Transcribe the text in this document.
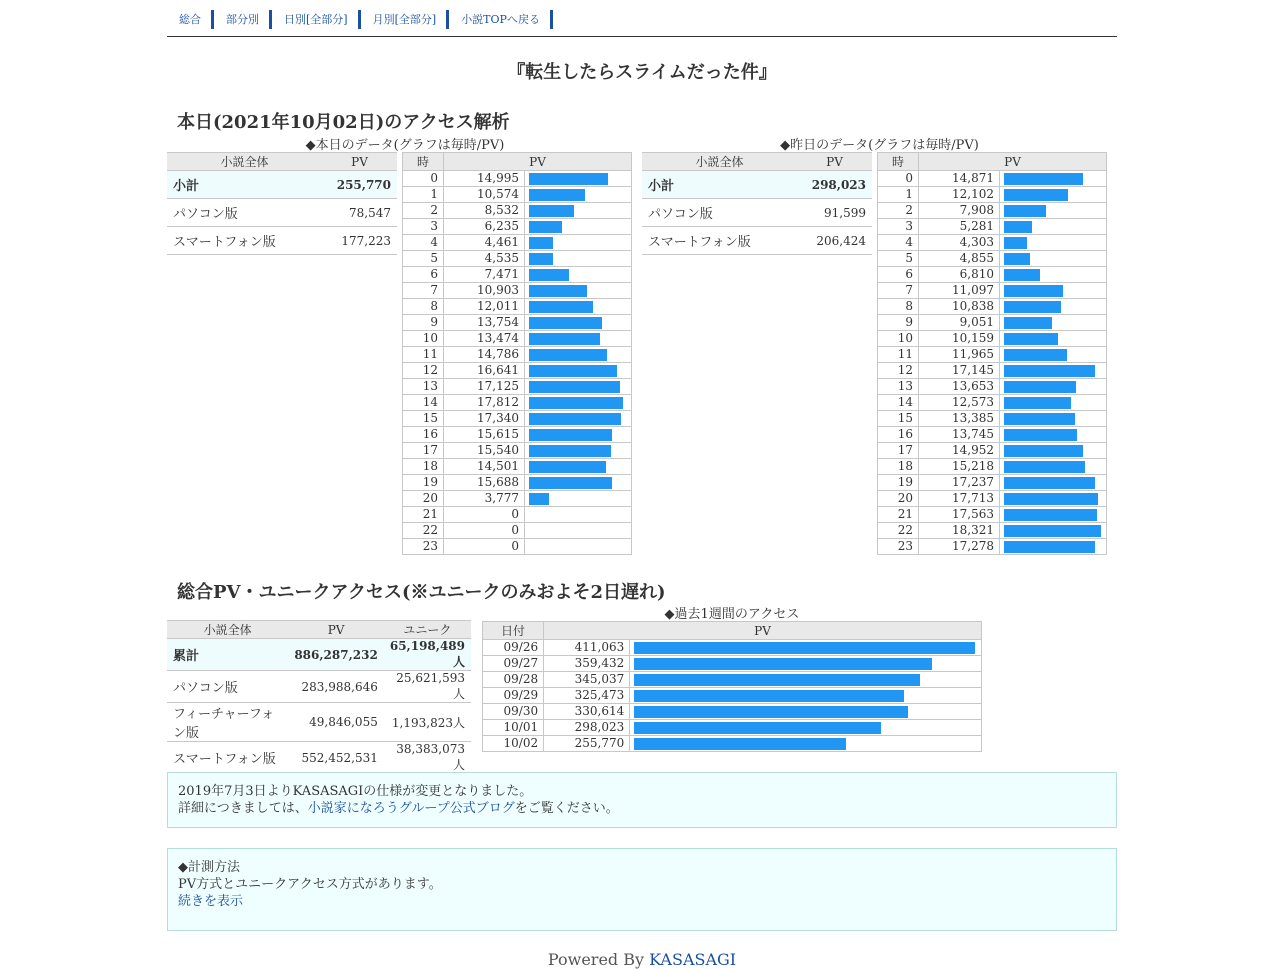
総合	部分別	日別[全部分]	月別[全部分]	小説TOPへ戻る
『転生したらスライムだった件』
本日(2021年10月02日)のアクセス解析
◆本日のデータ(グラフは毎時/PV)	◆昨日のデータ(グラフは毎時/PV)
小説全体	PV
小計	255,770
パソコン版	78,547
スマートフォン版	177,223
時	PV	
0	14,995	

1	10,574	

2	8,532	

3	6,235	

4	4,461	

5	4,535	

6	7,471	

7	10,903	

8	12,011	

9	13,754	

10	13,474	

11	14,786	

12	16,641	

13	17,125	

14	17,812	

15	17,340	

16	15,615	

17	15,540	

18	14,501	

19	15,688	

20	3,777	

21	0	
22	0	
23	0	
小説全体	PV
小計	298,023
パソコン版	91,599
スマートフォン版	206,424
時	PV	
0	14,871	

1	12,102	

2	7,908	

3	5,281	

4	4,303	

5	4,855	

6	6,810	

7	11,097	

8	10,838	

9	9,051	

10	10,159	

11	11,965	

12	17,145	

13	13,653	

14	12,573	

15	13,385	

16	13,745	

17	14,952	

18	15,218	

19	17,237	

20	17,713	

21	17,563	

22	18,321	

23	17,278	
総合PV・ユニークアクセス(※ユニークのみおよそ2日遅れ)
◆過去1週間のアクセス
小説全体	PV	ユニーク
累計	886,287,232	65,198,489人
パソコン版	283,988,646	25,621,593人
フィーチャーフォン版	49,846,055	1,193,823人
スマートフォン版	552,452,531	38,383,073人
日付	PV	
09/26	411,063	

09/27	359,432	

09/28	345,037	

09/29	325,473	

09/30	330,614	

10/01	298,023	

10/02	255,770	
2019年7月3日よりKASASAGIの仕様が変更となりました。
詳細につきましては、小説家になろうグループ公式ブログをご覧ください。
◆計測方法
PV方式とユニークアクセス方式があります。
続きを表示
Powered By KASASAGI
